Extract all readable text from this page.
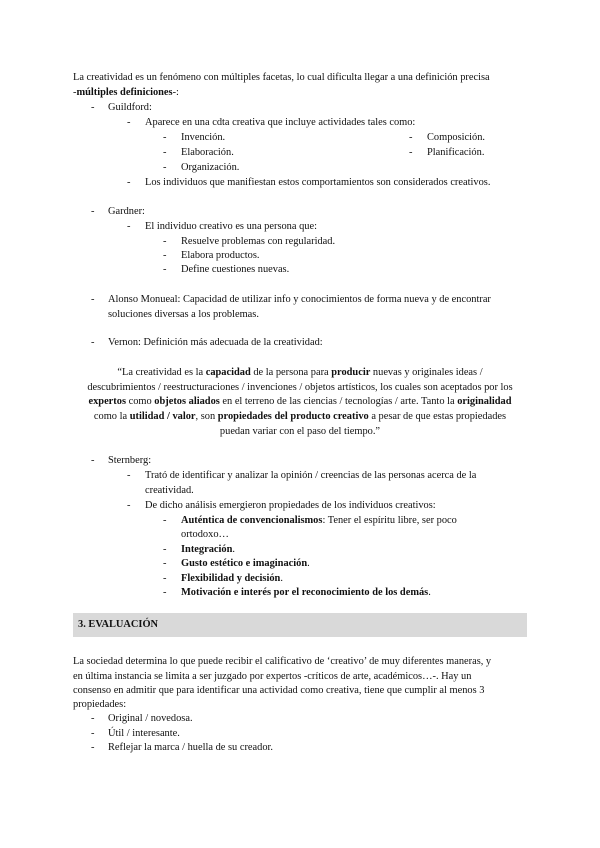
La creatividad es un fenómeno con múltiples facetas, lo cual dificulta llegar a una definición precisa

-múltiples definiciones-:

- Guildford:
- Aparece en una cdta creativa que incluye actividades tales como:
- Invención.	- Composición.
- Elaboración.	- Planificación.
- Organización.
- Los individuos que manifiestan estos comportamientos son considerados creativos.
- Gardner:
- El individuo creativo es una persona que:
- Resuelve problemas con regularidad.
- Elabora productos.
- Define cuestiones nuevas.
- Alonso Monueal: Capacidad de utilizar info y conocimientos de forma nueva y de encontrar

soluciones diversas a los problemas.

- Vernon: Definición más adecuada de la creatividad:

“La creatividad es la capacidad de la persona para producir nuevas y originales ideas /

descubrimientos / reestructuraciones / invenciones / objetos artísticos, los cuales son aceptados por los

expertos como objetos aliados en el terreno de las ciencias / tecnologías / arte. Tanto la originalidad

como la utilidad / valor, son propiedades del producto creativo a pesar de que estas propiedades

puedan variar con el paso del tiempo.”

- Sternberg:
- Trató de identificar y analizar la opinión / creencias de las personas acerca de la

creatividad.

- De dicho análisis emergieron propiedades de los individuos creativos:
- Auténtica de convencionalismos: Tener el espíritu libre, ser poco

ortodoxo…

- Integración.

- Gusto estético e imaginación.

- Flexibilidad y decisión.

- Motivación e interés por el reconocimiento de los demás.

3. EVALUACIÓN

La sociedad determina lo que puede recibir el calificativo de ‘creativo’ de muy diferentes maneras, y

en última instancia se limita a ser juzgado por expertos -críticos de arte, académicos…-. Hay un

consenso en admitir que para identificar una actividad como creativa, tiene que cumplir al menos 3

propiedades:

- Original / novedosa.
- Útil / interesante.
- Reflejar la marca / huella de su creador.
